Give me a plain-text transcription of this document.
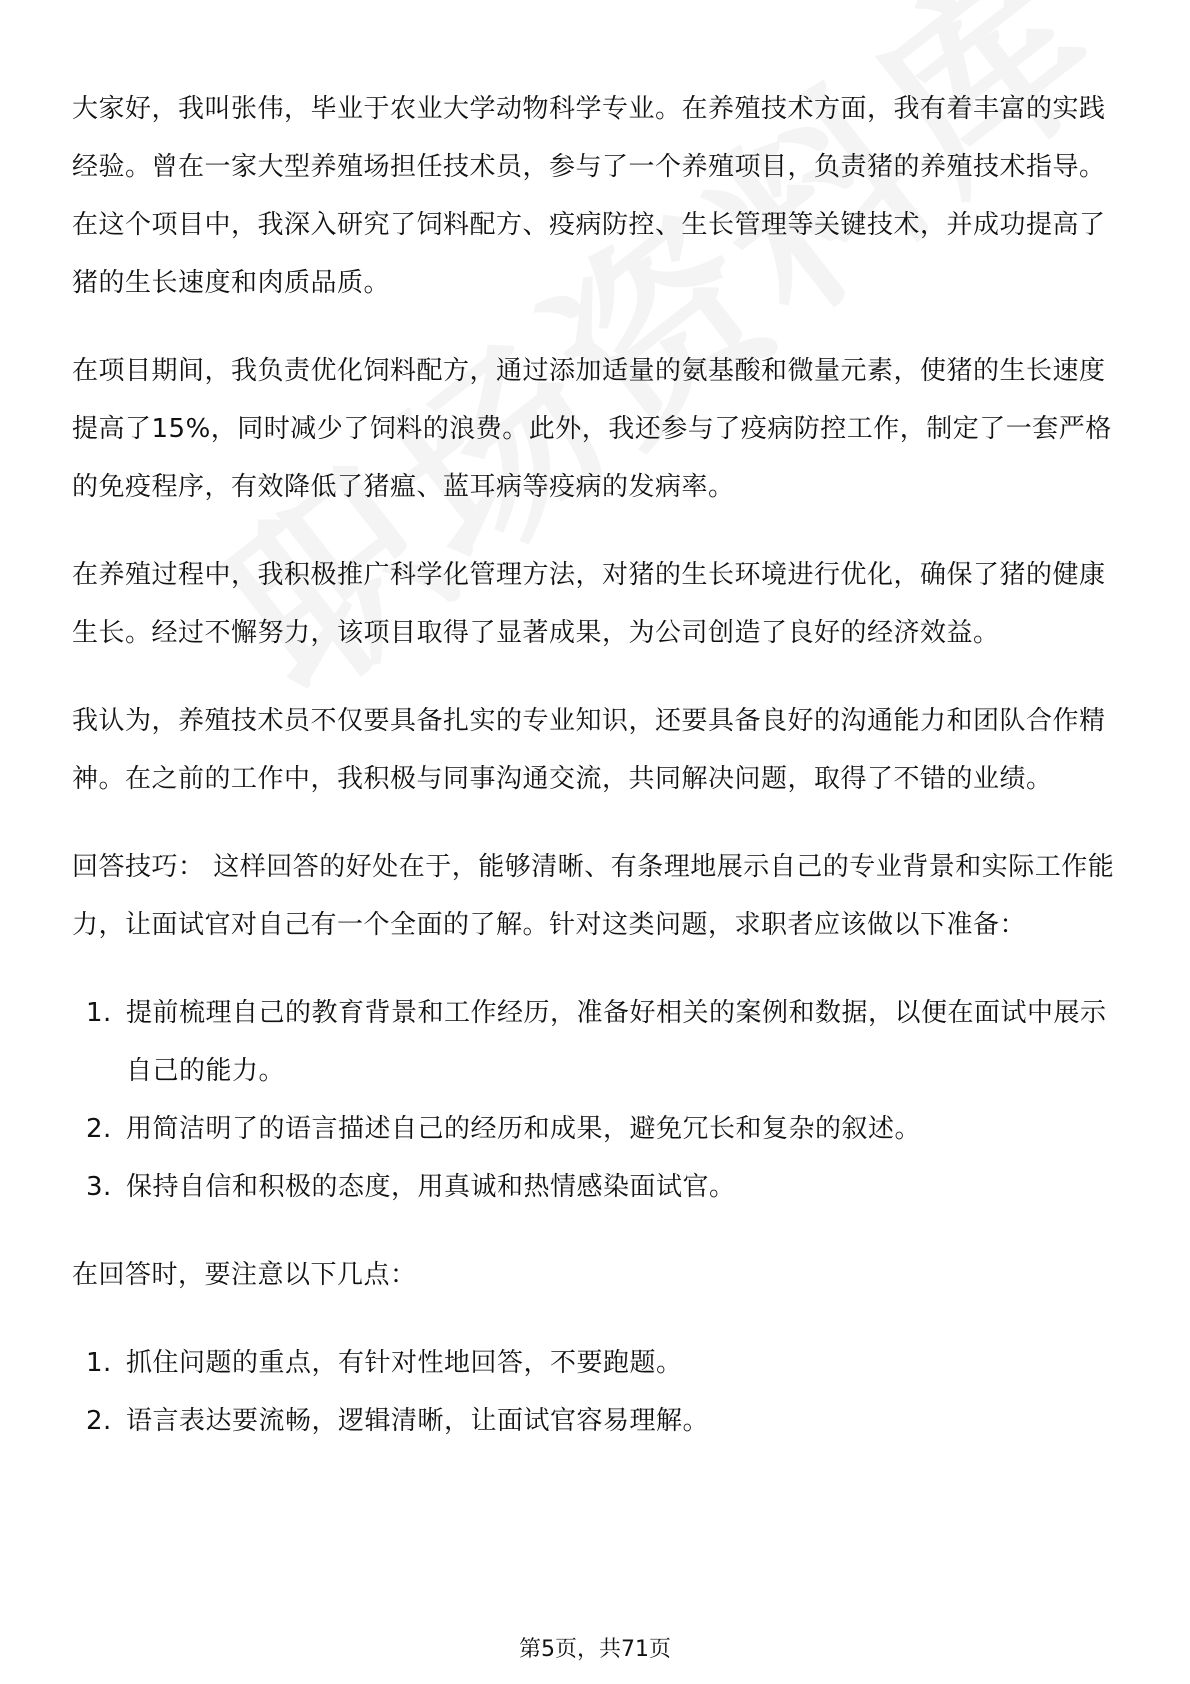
大家好，我叫张伟，毕业于农业大学动物科学专业。在养殖技术方面，我有着丰富的实践经验。曾在一家大型养殖场担任技术员，参与了一个养殖项目，负责猪的养殖技术指导。在这个项目中，我深入研究了饲料配方、疫病防控、生长管理等关键技术，并成功提高了猪的生长速度和肉质品质。

在项目期间，我负责优化饲料配方，通过添加适量的氨基酸和微量元素，使猪的生长速度提高了15%，同时减少了饲料的浪费。此外，我还参与了疫病防控工作，制定了一套严格的免疫程序，有效降低了猪瘟、蓝耳病等疫病的发病率。

在养殖过程中，我积极推广科学化管理方法，对猪的生长环境进行优化，确保了猪的健康生长。经过不懈努力，该项目取得了显著成果，为公司创造了良好的经济效益。

我认为，养殖技术员不仅要具备扎实的专业知识，还要具备良好的沟通能力和团队合作精神。在之前的工作中，我积极与同事沟通交流，共同解决问题，取得了不错的业绩。

回答技巧： 这样回答的好处在于，能够清晰、有条理地展示自己的专业背景和实际工作能力，让面试官对自己有一个全面的了解。针对这类问题，求职者应该做以下准备：

1. 提前梳理自己的教育背景和工作经历，准备好相关的案例和数据，以便在面试中展示自己的能力。
2. 用简洁明了的语言描述自己的经历和成果，避免冗长和复杂的叙述。
3. 保持自信和积极的态度，用真诚和热情感染面试官。

在回答时，要注意以下几点：

1. 抓住问题的重点，有针对性地回答，不要跑题。
2. 语言表达要流畅，逻辑清晰，让面试官容易理解。
第5页，共71页
